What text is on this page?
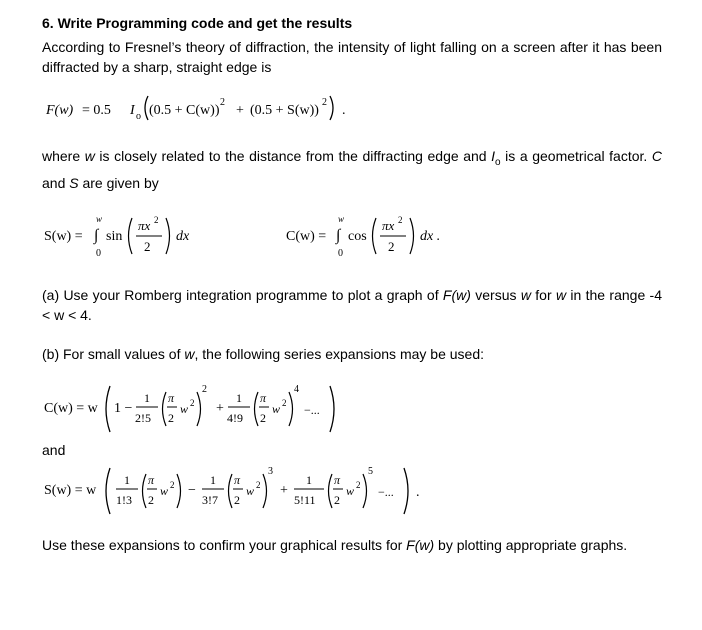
6. Write Programming code and get the results
According to Fresnel’s theory of diffraction, the intensity of light falling on a screen after it has been diffracted by a sharp, straight edge is
F(w) = 0.5 I o (0.5 + C(w))
2
+ (0.5 + S(w))
2
.
where w is closely related to the distance from the diffracting edge and $I_o$ is a geometrical factor. C and S are given by
S(w) =
w
∫
0
sin
πx 2
2
dx	C(w) =
w
∫
0
cos
πx 2
2
dx .
(a) Use your Romberg integration programme to plot a graph of F(w) versus w for w in the range -4 < w < 4.
(b) For small values of w, the following series expansions may be used:
C(w) = w 1 −
1
2!5
π
2
w 2
2
+
1
4!9
π
2
w 2
4
−...
and
S(w) = w
1
1!3
π
2
w 2 −
1
3!7
π
2
w 2
3
+
1
5!11
π
2
w 2
5
−... .
Use these expansions to confirm your graphical results for F(w) by plotting appropriate graphs.
